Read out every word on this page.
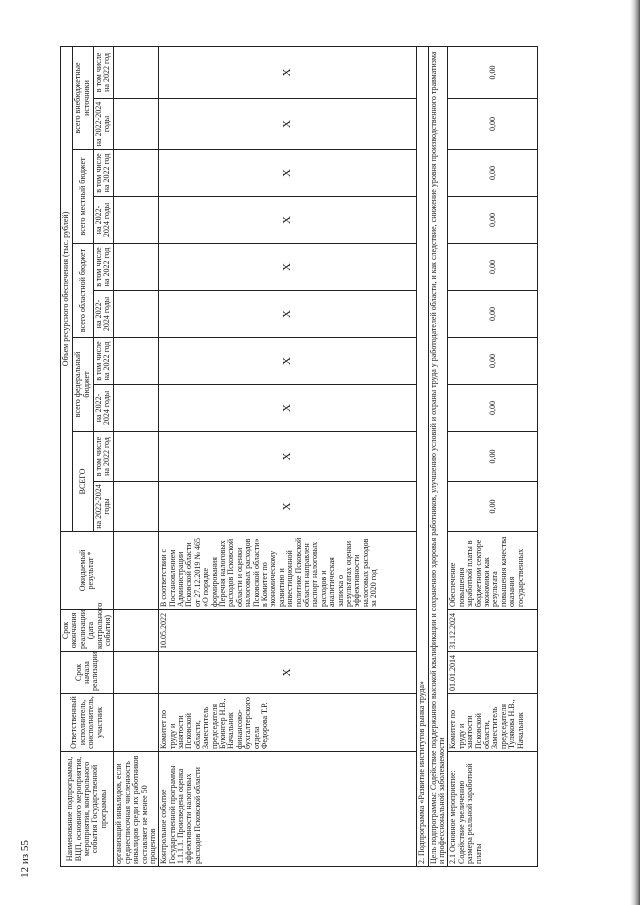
12 из 55	Наименование подпрограммы, ВЦП, основного мероприятия, мероприятия, контрольного события Государственной программы	Ответственный исполнитель, соисполнитель, участник	Срок начала реализации	Срок окончания реализации (дата контрольного события)	Ожидаемый результат *	Объем ресурсного обеспечения (тыс. рублей)									
					ВСЕГО		всего федеральный бюджет		всего областной бюджет		всего местный бюджет		всего внебюджетные источники	
					на 2022-2024 годы	в том числе на 2022 год	на 2022-2024 годы	в том числе на 2022 год	на 2022-2024 годы	в том числе на 2022 год	на 2022-2024 годы	в том числе на 2022 год	на 2022-2024 годы	в том числе на 2022 год
организаций инвалидов, если среднесписочная численность инвалидов среди их работников составляет не менее 50 процентов														
Контрольное событие Государственной программы 1.1.1.1. Произведена оценка эффективности налоговых расходов Псковской области	Комитет по труду и занятости Псковской области, Заместитель председателя Букингер Н.В., Начальник финансово-бухгалтерского отдела Федорова Т.Р.	X	10.05.2022	В соответствии с Постановлением Администрации Псковской области от 27.12.2019 № 465 «О порядке формирования Перечня налоговых расходов Псковской области и оценки налоговых расходов Псковской области» в Комитет по экономическому развитию и инвестиционной политике Псковской области направлен паспорт налоговых расходов и аналитическая записка о результатах оценки эффективности налоговых расходов за 2020 год	X	X	X	X	X	X	X	X	X	X
2. Подпрограмма «Развитие институтов рынка труда»														
Цель подпрограммы: Содействие поддержанию высокой квалификации и сохранению здоровья работников, улучшению условий и охраны труда у работодателей области, и как следствие, снижение уровня производственного травматизма и профессиональной заболеваемости														
2.1 Основное мероприятие: Содействие увеличению размера реальной заработной платы	Комитет по труду и занятости Псковской области, Заместитель председателя Тулякова Н.В., Начальник	01.01.2014	31.12.2024	Обеспечение повышения заработной платы в бюджетном секторе экономики как результата повышения качества оказания государственных	0,00	0,00	0,00	0,00	0,00	0,00	0,00	0,00	0,00	0,00
